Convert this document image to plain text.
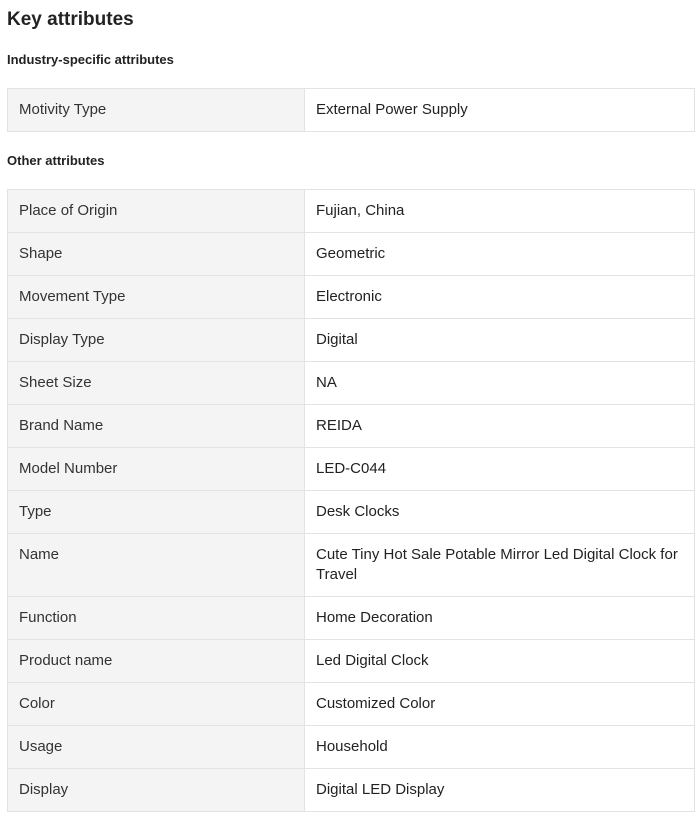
Key attributes
Industry-specific attributes
Motivity Type	External Power Supply
Other attributes
Place of Origin	Fujian, China
Shape	Geometric
Movement Type	Electronic
Display Type	Digital
Sheet Size	NA
Brand Name	REIDA
Model Number	LED-C044
Type	Desk Clocks
Name	Cute Tiny Hot Sale Potable Mirror Led Digital Clock for Travel
Function	Home Decoration
Product name	Led Digital Clock
Color	Customized Color
Usage	Household
Display	Digital LED Display
